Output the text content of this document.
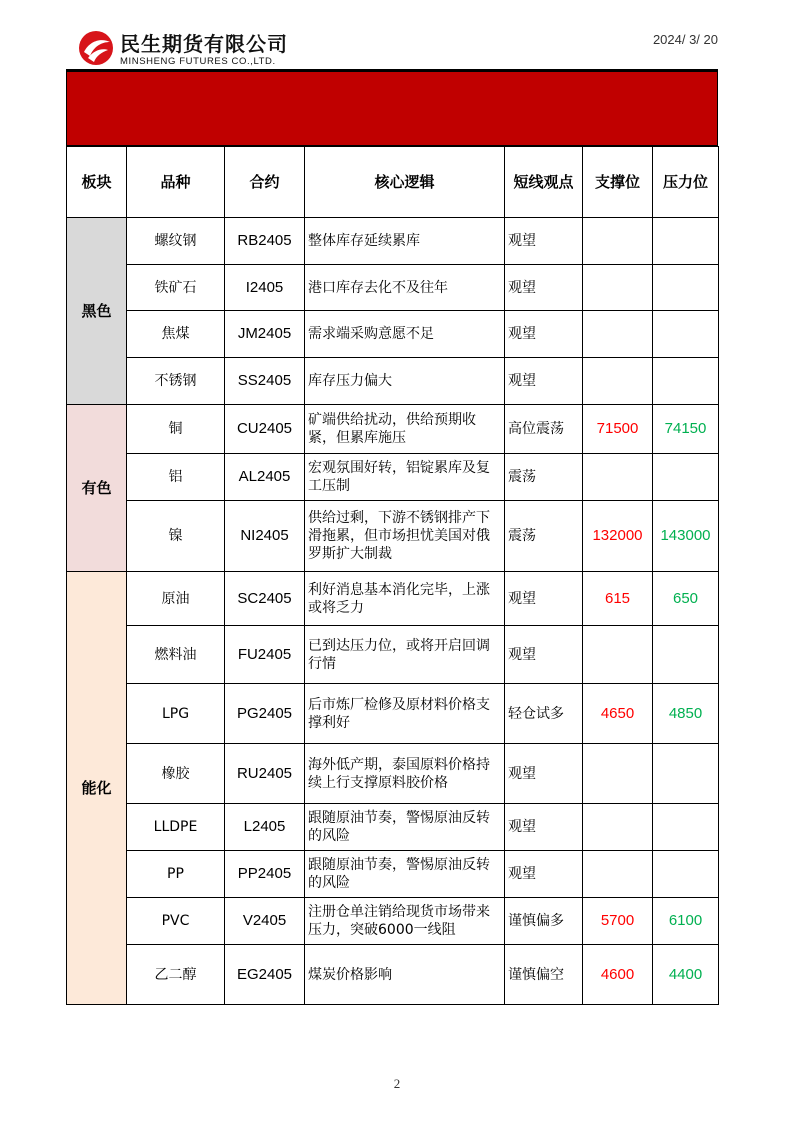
民生期货有限公司
MINSHENG FUTURES CO.,LTD.
2024/ 3/ 20
板块	品种	合约	核心逻辑	短线观点	支撑位	压力位
黑色	螺纹钢	RB2405	整体库存延续累库	观望		
	铁矿石	I2405	港口库存去化不及往年	观望		
	焦煤	JM2405	需求端采购意愿不足	观望		
	不锈钢	SS2405	库存压力偏大	观望		
有色	铜	CU2405	矿端供给扰动，供给预期收紧，但累库施压	高位震荡	71500	74150
	铝	AL2405	宏观氛围好转，铝锭累库及复工压制	震荡		
	镍	NI2405	供给过剩，下游不锈钢排产下滑拖累，但市场担忧美国对俄罗斯扩大制裁	震荡	132000	143000
能化	原油	SC2405	利好消息基本消化完毕，上涨或将乏力	观望	615	650
	燃料油	FU2405	已到达压力位，或将开启回调行情	观望		
	LPG	PG2405	后市炼厂检修及原材料价格支撑利好	轻仓试多	4650	4850
	橡胶	RU2405	海外低产期，泰国原料价格持续上行支撑原料胶价格	观望		
	LLDPE	L2405	跟随原油节奏，警惕原油反转的风险	观望		
	PP	PP2405	跟随原油节奏，警惕原油反转的风险	观望		
	PVC	V2405	注册仓单注销给现货市场带来压力，突破6000一线阻	谨慎偏多	5700	6100
	乙二醇	EG2405	煤炭价格影响	谨慎偏空	4600	4400
2
